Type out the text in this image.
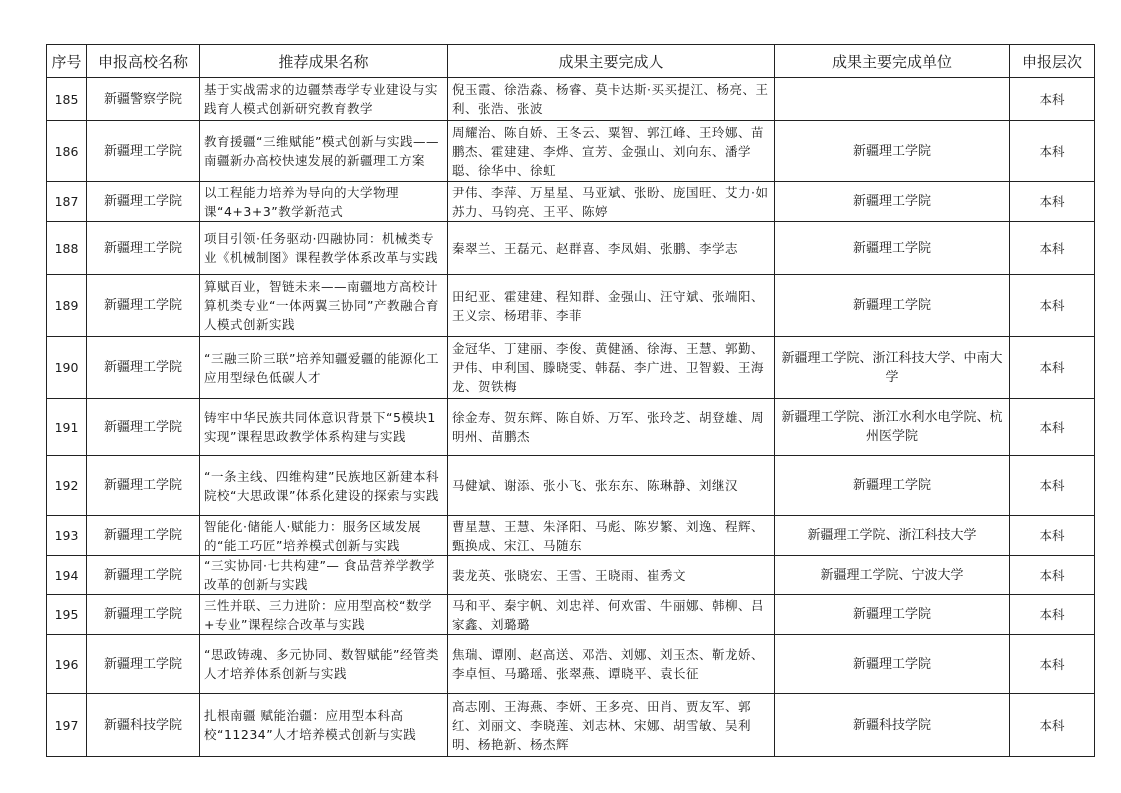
序号	申报高校名称	推荐成果名称	成果主要完成人	成果主要完成单位	申报层次
185	新疆警察学院	基于实战需求的边疆禁毒学专业建设与实践育人模式创新研究教育教学	倪玉霞、徐浩淼、杨睿、莫卡达斯·买买提江、杨亮、王利、张浩、张波		本科
186	新疆理工学院	教育援疆“三维赋能”模式创新与实践——南疆新办高校快速发展的新疆理工方案	周耀治、陈自娇、王冬云、粟智、郭江峰、王玲娜、苗鹏杰、霍建建、李烨、宣芳、金强山、刘向东、潘学聪、徐华中、徐虹	新疆理工学院	本科
187	新疆理工学院	以工程能力培养为导向的大学物理课“4+3+3”教学新范式	尹伟、李萍、万星星、马亚斌、张盼、庞国旺、艾力·如苏力、马钧亮、王平、陈婷	新疆理工学院	本科
188	新疆理工学院	项目引领·任务驱动·四融协同：机械类专业《机械制图》课程教学体系改革与实践	秦翠兰、王磊元、赵群喜、李凤娟、张鹏、李学志	新疆理工学院	本科
189	新疆理工学院	算赋百业，智链未来——南疆地方高校计算机类专业“一体两翼三协同”产教融合育人模式创新实践	田纪亚、霍建建、程知群、金强山、汪守斌、张端阳、王义宗、杨珺菲、李菲	新疆理工学院	本科
190	新疆理工学院	“三融三阶三联”培养知疆爱疆的能源化工应用型绿色低碳人才	金冠华、丁建丽、李俊、黄健涵、徐海、王慧、郭勤、尹伟、申利国、滕晓雯、韩磊、李广进、卫智毅、王海龙、贺铁梅	新疆理工学院、浙江科技大学、中南大学	本科
191	新疆理工学院	铸牢中华民族共同体意识背景下“5模块1实现”课程思政教学体系构建与实践	徐金寿、贺东辉、陈自娇、万军、张玲芝、胡登雄、周明州、苗鹏杰	新疆理工学院、浙江水利水电学院、杭州医学院	本科
192	新疆理工学院	“一条主线、四维构建”民族地区新建本科院校“大思政课”体系化建设的探索与实践	马健斌、谢添、张小飞、张东东、陈琳静、刘继汉	新疆理工学院	本科
193	新疆理工学院	智能化·储能人·赋能力：服务区域发展的“能工巧匠”培养模式创新与实践	曹星慧、王慧、朱泽阳、马彪、陈岁繁、刘逸、程辉、甄换成、宋江、马随东	新疆理工学院、浙江科技大学	本科
194	新疆理工学院	“三实协同·七共构建”— 食品营养学教学改革的创新与实践	裴龙英、张晓宏、王雪、王晓雨、崔秀文	新疆理工学院、宁波大学	本科
195	新疆理工学院	三性并联、三力进阶：应用型高校“数学+专业”课程综合改革与实践	马和平、秦宇帆、刘忠祥、何欢雷、牛丽娜、韩柳、吕家鑫、刘璐璐	新疆理工学院	本科
196	新疆理工学院	“思政铸魂、多元协同、数智赋能”经管类人才培养体系创新与实践	焦瑞、谭刚、赵高送、邓浩、刘娜、刘玉杰、靳龙娇、李卓恒、马璐瑶、张翠燕、谭晓平、袁长征	新疆理工学院	本科
197	新疆科技学院	扎根南疆 赋能治疆：应用型本科高校“11234”人才培养模式创新与实践	高志刚、王海燕、李妍、王多亮、田肖、贾友军、郭红、刘丽文、李晓莲、刘志林、宋娜、胡雪敏、吴利明、杨艳新、杨杰辉	新疆科技学院	本科
